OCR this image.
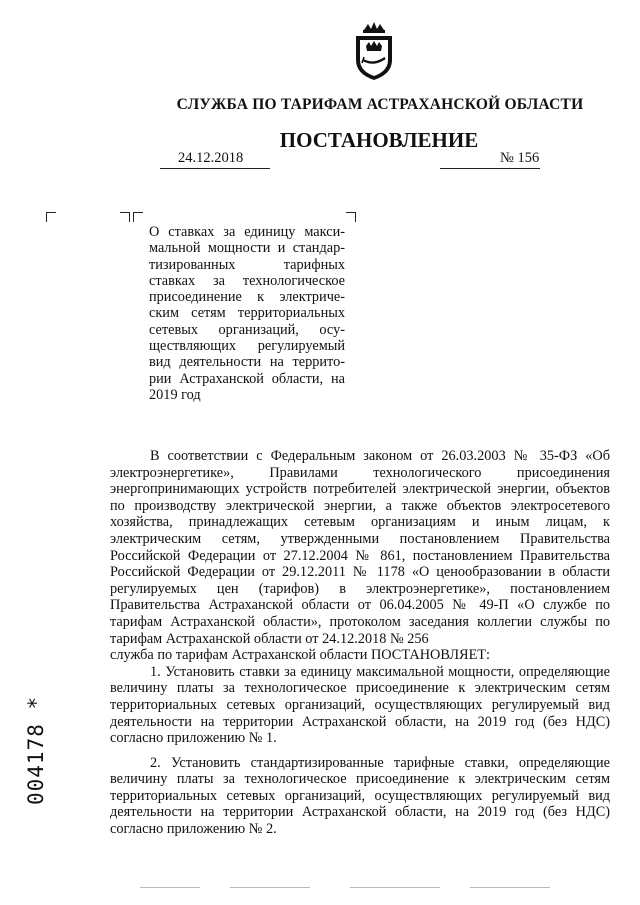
СЛУЖБА ПО ТАРИФАМ АСТРАХАНСКОЙ ОБЛАСТИ
ПОСТАНОВЛЕНИЕ
24.12.2018	№ 156
О ставках за единицу макси-
мальной мощности и стандар-
тизированных тарифных
ставках за технологическое
присоединение к электриче-
ским сетям территориальных
сетевых организаций, осу-
ществляющих регулируемый
вид деятельности на террито-
рии Астраханской области, на
2019 год

В соответствии с Федеральным законом от 26.03.2003 № 35-ФЗ «Об электроэнергетике», Правилами технологического присоединения энергопринимающих устройств потребителей электрической энергии, объектов по производству электрической энергии, а также объектов электросетевого хозяйства, принадлежащих сетевым организациям и иным лицам, к электрическим сетям, утвержденными постановлением Правительства Российской Федерации от 27.12.2004 № 861, постановлением Правительства Российской Федерации от 29.12.2011 № 1178 «О ценообразовании в области регулируемых цен (тарифов) в электроэнергетике», постановлением Правительства Астраханской области от 06.04.2005 № 49-П «О службе по тарифам Астраханской области», протоколом заседания коллегии службы по тарифам Астраханской области от 24.12.2018 № 256

служба по тарифам Астраханской области ПОСТАНОВЛЯЕТ:

1. Установить ставки за единицу максимальной мощности, определяющие величину платы за технологическое присоединение к электрическим сетям территориальных сетевых организаций, осуществляющих регулируемый вид деятельности на территории Астраханской области, на 2019 год (без НДС) согласно приложению № 1.

2. Установить стандартизированные тарифные ставки, определяющие величину платы за технологическое присоединение к электрическим сетям территориальных сетевых организаций, осуществляющих регулируемый вид деятельности на территории Астраханской области, на 2019 год (без НДС) согласно приложению № 2.

004178 *
